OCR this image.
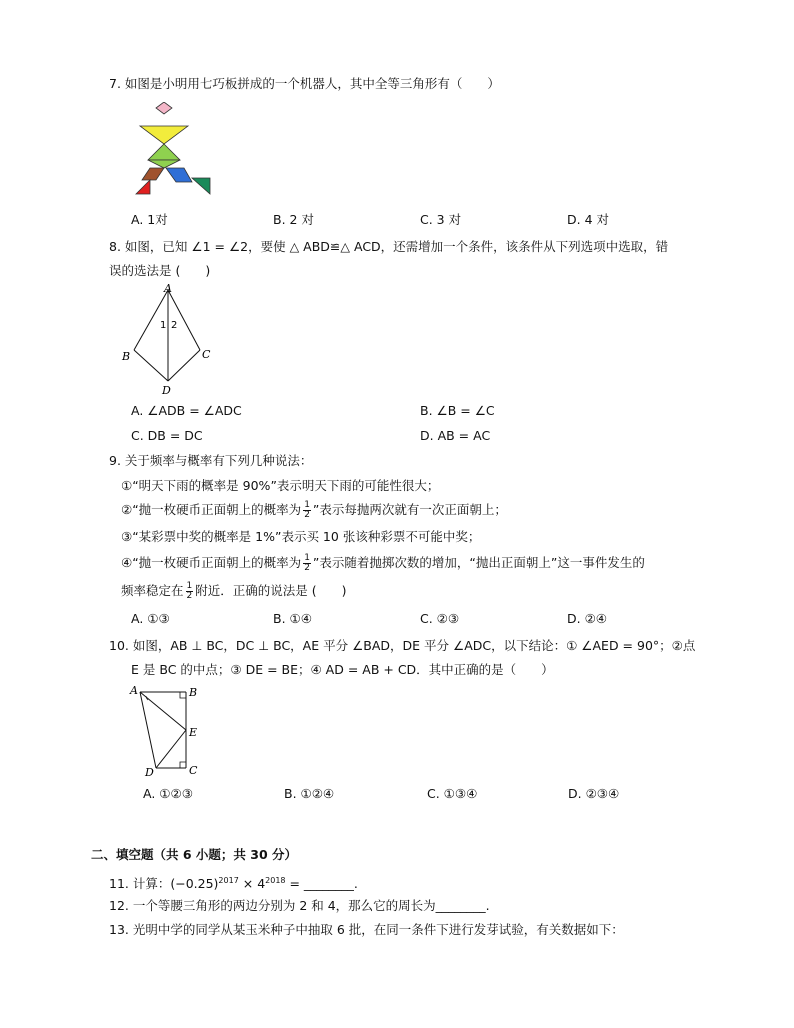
7. 如图是小明用七巧板拼成的一个机器人，其中全等三角形有（　　）
A. 1对	B. 2 对	C. 3 对	D. 4 对
8. 如图，已知 ∠1 = ∠2，要使 △ ABD≌△ ACD，还需增加一个条件，该条件从下列选项中选取，错
误的选法是 (　　)
A
B	C
D
1 2
A. ∠ADB = ∠ADC	B. ∠B = ∠C
C. DB = DC	D. AB = AC
9. 关于频率与概率有下列几种说法：
①“明天下雨的概率是 90%”表示明天下雨的可能性很大；
②“抛一枚硬币正面朝上的概率为 $\frac{1}{2}$ ”表示每抛两次就有一次正面朝上；
③“某彩票中奖的概率是 1%”表示买 10 张该种彩票不可能中奖；
④“抛一枚硬币正面朝上的概率为 $\frac{1}{2}$ ”表示随着抛掷次数的增加，“抛出正面朝上”这一事件发生的
频率稳定在 $\frac{1}{2}$ 附近．正确的说法是 (　　)
A. ①③	B. ①④	C. ②③	D. ②④
10. 如图，AB ⊥ BC，DC ⊥ BC，AE 平分 ∠BAD，DE 平分 ∠ADC，以下结论：① ∠AED = 90°；②点
E 是 BC 的中点；③ DE = BE；④ AD = AB + CD．其中正确的是（　　）
A	B
E
D	C
A. ①②③	B. ①②④	C. ①③④	D. ②③④
二、填空题（共 6 小题；共 30 分）
11. 计算：$(-0.25)^{2017} \times 4^{2018}$ = ________.
12. 一个等腰三角形的两边分别为 2 和 4，那么它的周长为________.
13. 光明中学的同学从某玉米种子中抽取 6 批，在同一条件下进行发芽试验，有关数据如下：
